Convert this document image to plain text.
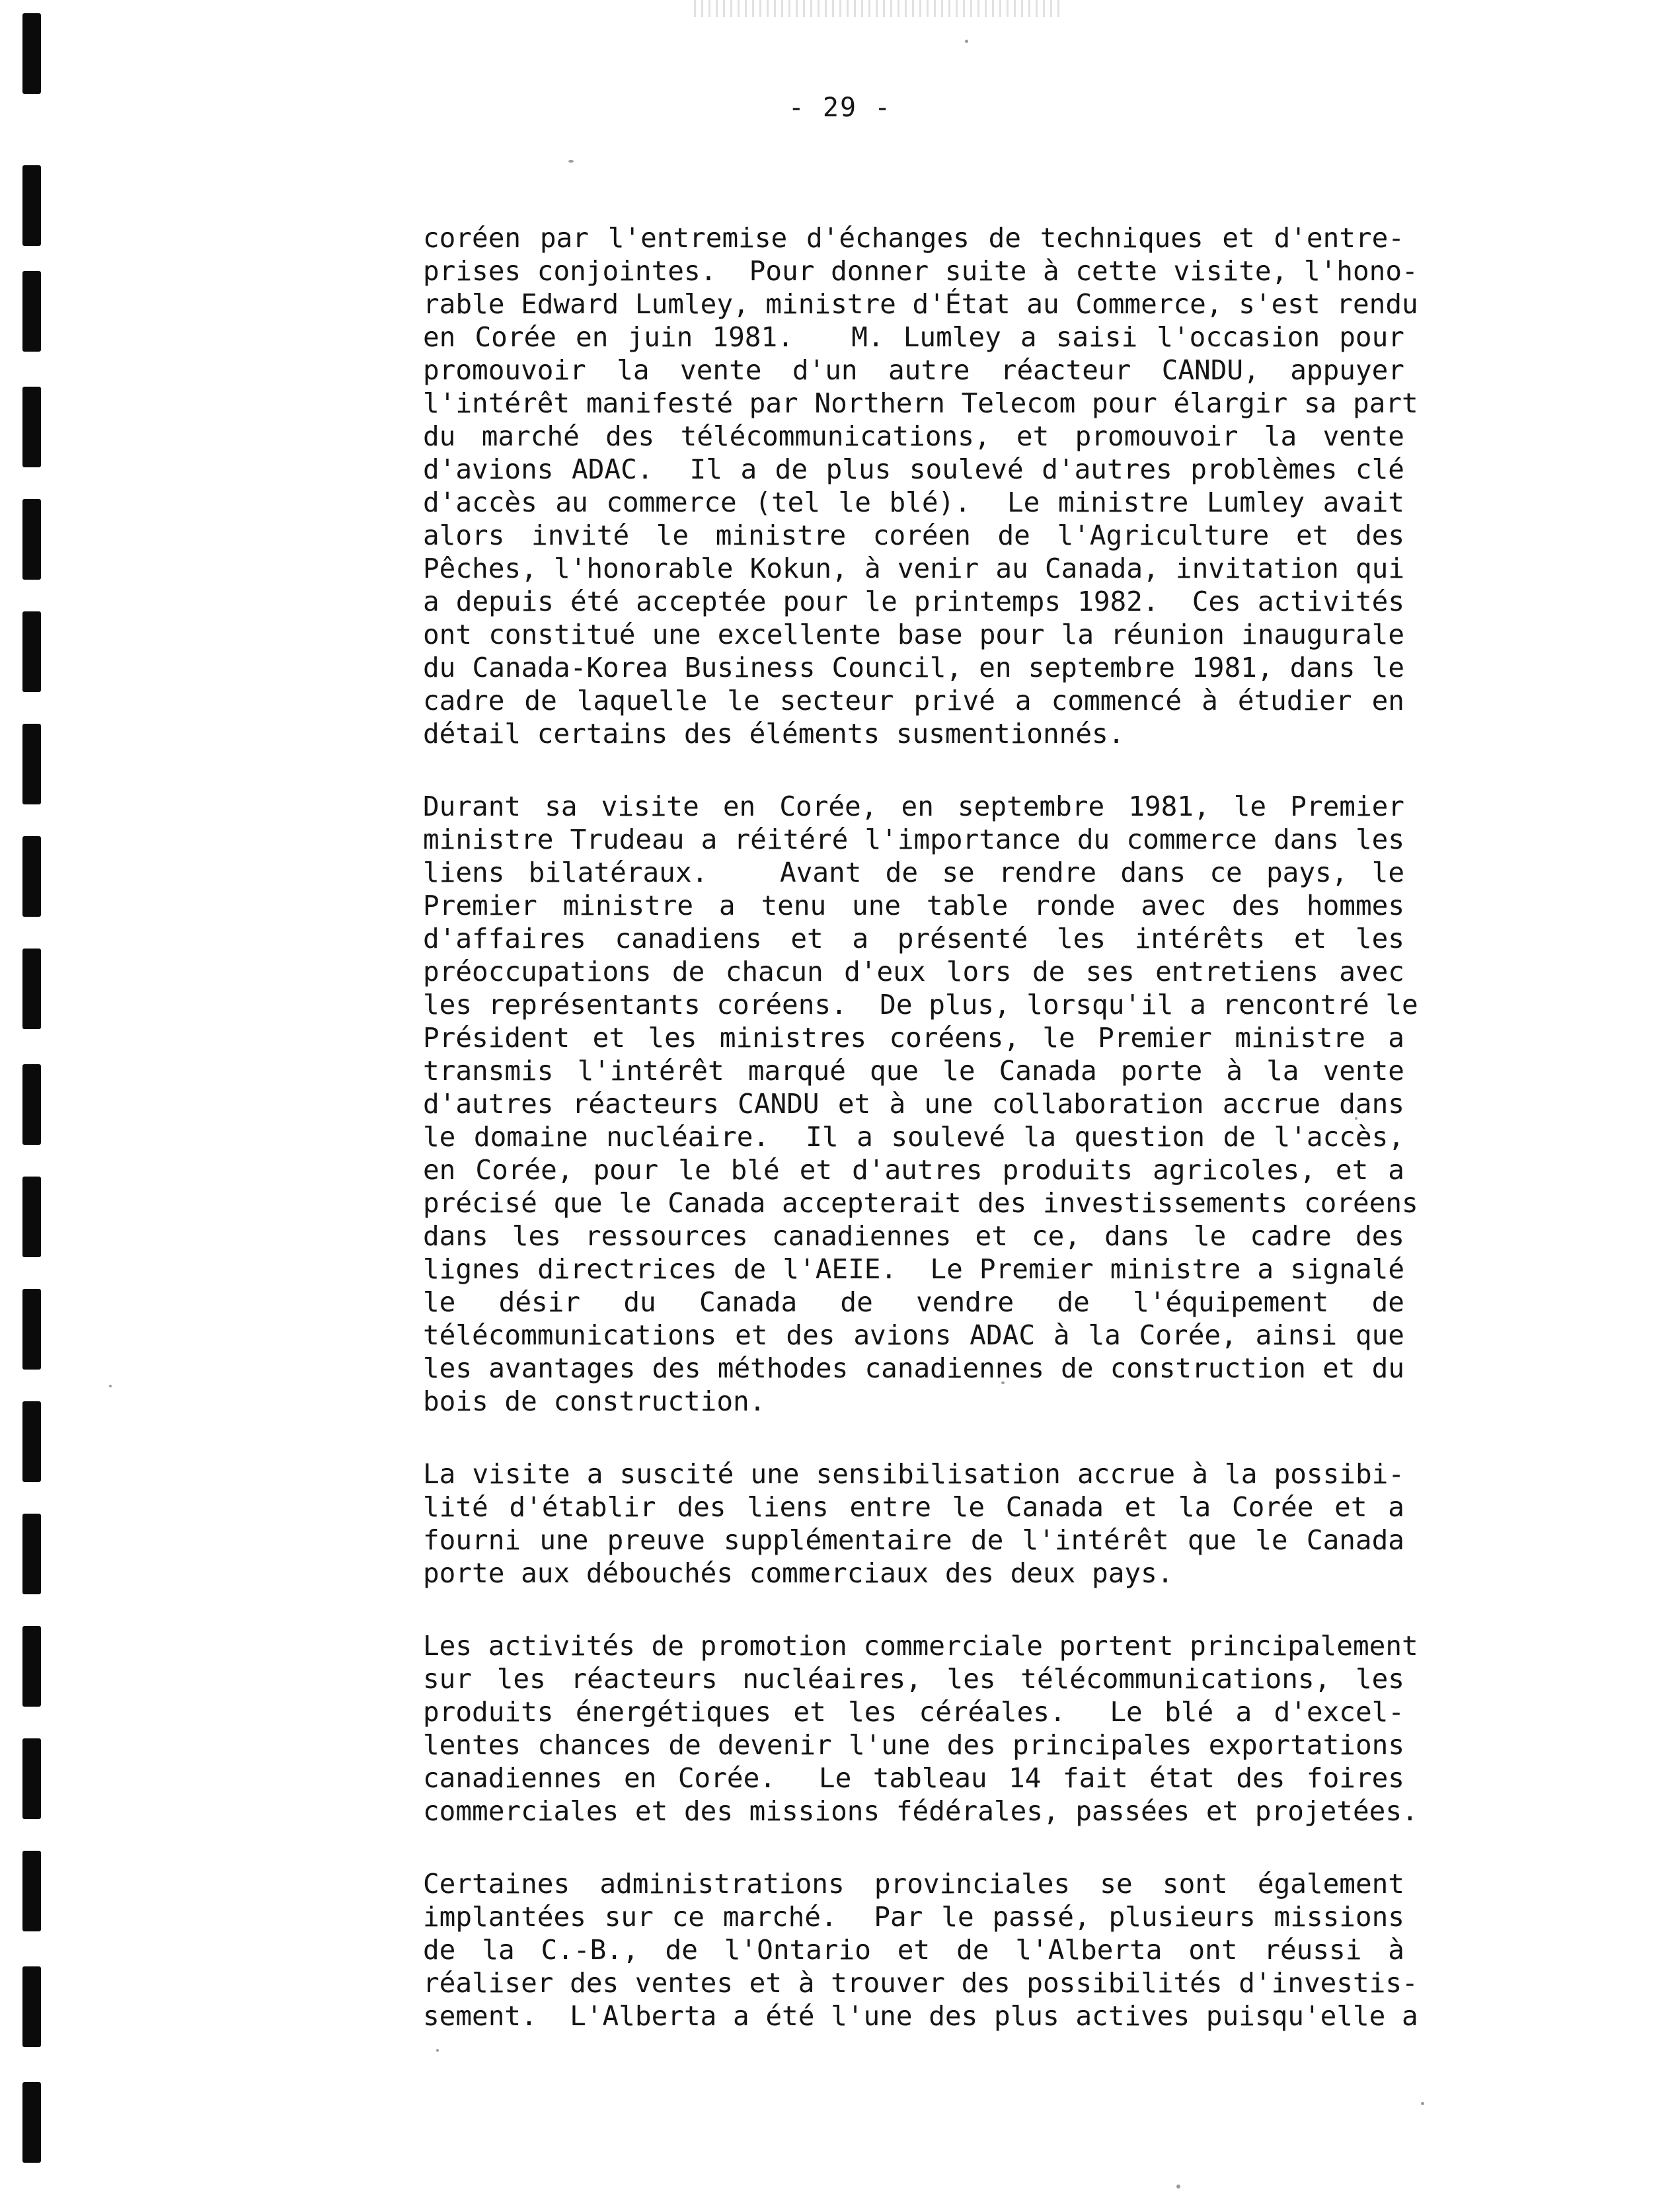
- 29 -
coréen par l'entremise d'échanges de techniques et d'entre-
prises conjointes.  Pour donner suite à cette visite, l'hono-
rable Edward Lumley, ministre d'État au Commerce, s'est rendu
en Corée en juin 1981.   M. Lumley a saisi l'occasion pour
promouvoir la vente d'un autre réacteur CANDU, appuyer
l'intérêt manifesté par Northern Telecom pour élargir sa part
du marché des télécommunications, et promouvoir la vente
d'avions ADAC.  Il a de plus soulevé d'autres problèmes clé
d'accès au commerce (tel le blé).  Le ministre Lumley avait
alors invité le ministre coréen de l'Agriculture et des
Pêches, l'honorable Kokun, à venir au Canada, invitation qui
a depuis été acceptée pour le printemps 1982.  Ces activités
ont constitué une excellente base pour la réunion inaugurale
du Canada-Korea Business Council, en septembre 1981, dans le
cadre de laquelle le secteur privé a commencé à étudier en
détail certains des éléments susmentionnés.
Durant sa visite en Corée, en septembre 1981, le Premier
ministre Trudeau a réitéré l'importance du commerce dans les
liens bilatéraux.   Avant de se rendre dans ce pays, le
Premier ministre a tenu une table ronde avec des hommes
d'affaires canadiens et a présenté les intérêts et les
préoccupations de chacun d'eux lors de ses entretiens avec
les représentants coréens.  De plus, lorsqu'il a rencontré le
Président et les ministres coréens, le Premier ministre a
transmis l'intérêt marqué que le Canada porte à la vente
d'autres réacteurs CANDU et à une collaboration accrue dans
le domaine nucléaire.  Il a soulevé la question de l'accès,
en Corée, pour le blé et d'autres produits agricoles, et a
précisé que le Canada accepterait des investissements coréens
dans les ressources canadiennes et ce, dans le cadre des
lignes directrices de l'AEIE.  Le Premier ministre a signalé
le désir du Canada de vendre de l'équipement de
télécommunications et des avions ADAC à la Corée, ainsi que
les avantages des méthodes canadiennes de construction et du
bois de construction.
La visite a suscité une sensibilisation accrue à la possibi-
lité d'établir des liens entre le Canada et la Corée et a
fourni une preuve supplémentaire de l'intérêt que le Canada
porte aux débouchés commerciaux des deux pays.
Les activités de promotion commerciale portent principalement
sur les réacteurs nucléaires, les télécommunications, les
produits énergétiques et les céréales.  Le blé a d'excel-
lentes chances de devenir l'une des principales exportations
canadiennes en Corée.  Le tableau 14 fait état des foires
commerciales et des missions fédérales, passées et projetées.
Certaines administrations provinciales se sont également
implantées sur ce marché.  Par le passé, plusieurs missions
de la C.-B., de l'Ontario et de l'Alberta ont réussi à
réaliser des ventes et à trouver des possibilités d'investis-
sement.  L'Alberta a été l'une des plus actives puisqu'elle a
